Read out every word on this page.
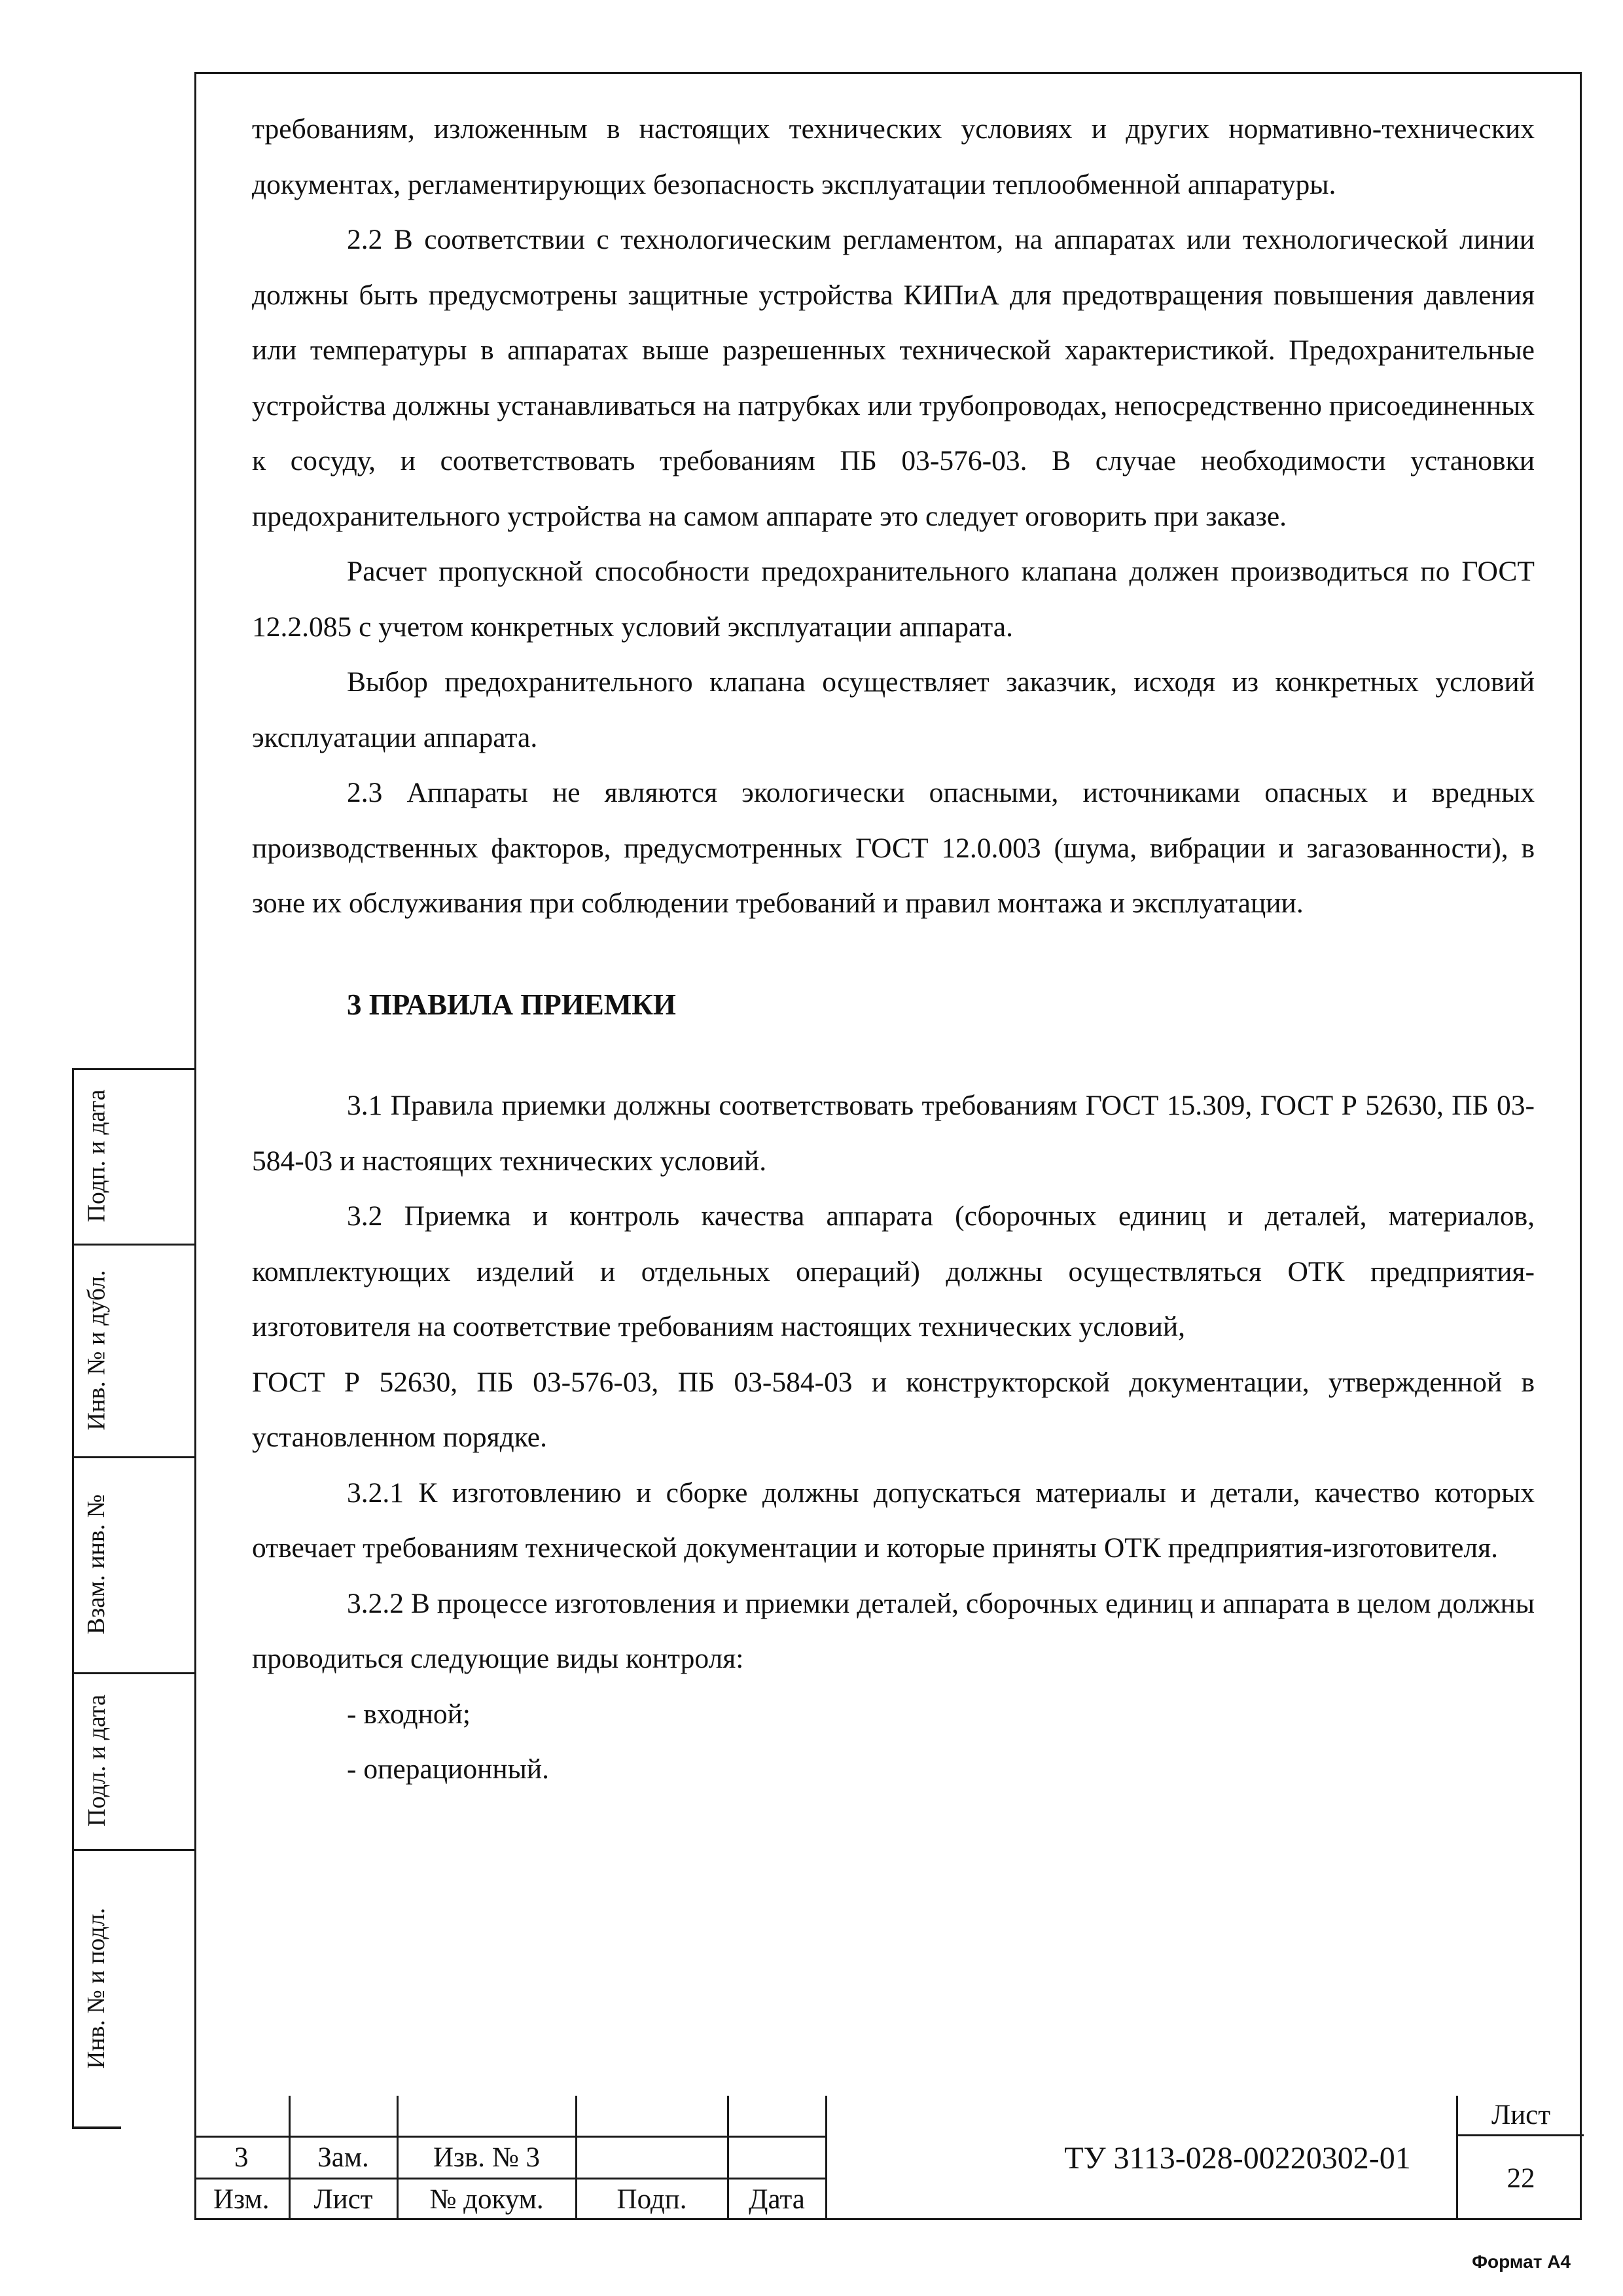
требованиям, изложенным в настоящих технических условиях и других нормативно-технических документах, регламентирующих безопасность эксплуатации теплообменной аппаратуры.

2.2 В соответствии с технологическим регламентом, на аппаратах или технологической линии должны быть предусмотрены защитные устройства КИПиА для предотвращения повышения давления или температуры в аппаратах выше разрешенных технической характеристикой. Предохранительные устройства должны устанавливаться на патрубках или трубопроводах, непосредственно присоединенных к сосуду, и соответствовать требованиям ПБ 03-576-03. В случае необходимости установки предохранительного устройства на самом аппарате это следует оговорить при заказе.

Расчет пропускной способности предохранительного клапана должен производиться по ГОСТ 12.2.085 с учетом конкретных условий эксплуатации аппарата.

Выбор предохранительного клапана осуществляет заказчик, исходя из конкретных условий эксплуатации аппарата.

2.3 Аппараты не являются экологически опасными, источниками опасных и вредных производственных факторов, предусмотренных ГОСТ 12.0.003 (шума, вибрации и загазованности), в зоне их обслуживания при соблюдении требований и правил монтажа и эксплуатации.

3 ПРАВИЛА ПРИЕМКИ

3.1 Правила приемки должны соответствовать требованиям ГОСТ 15.309, ГОСТ Р 52630, ПБ 03-584-03 и настоящих технических условий.

3.2 Приемка и контроль качества аппарата (сборочных единиц и деталей, материалов, комплектующих изделий и отдельных операций) должны осуществляться ОТК предприятия-изготовителя на соответствие требованиям настоящих технических условий,

ГОСТ Р 52630, ПБ 03-576-03, ПБ 03-584-03 и конструкторской документации, утвержденной в установленном порядке.

3.2.1 К изготовлению и сборке должны допускаться материалы и детали, качество которых отвечает требованиям технической документации и которые приняты ОТК предприятия-изготовителя.

3.2.2 В процессе изготовления и приемки деталей, сборочных единиц и аппарата в целом должны проводиться следующие виды контроля:

- входной;

- операционный.

Подп. и дата
Инв. № и дубл.
Взам. инв. №
Подл. и дата
Инв. № и подл.

3	Зам.	Изв. № 3		
Изм.	Лист	№ докум.	Подп.	Дата
ТУ 3113-028-00220302-01
Лист
22
Формат А4
